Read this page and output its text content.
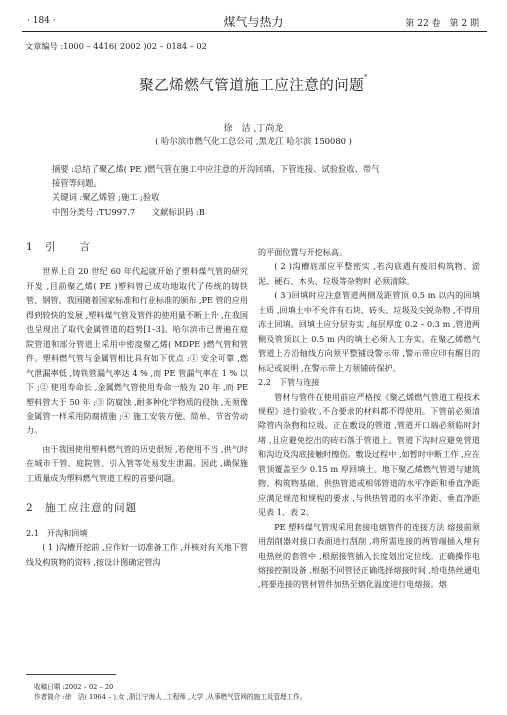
· 184 ·	煤气与热力	第 22 卷　第 2 期
文章编号 :1000 – 4416( 2002 )02 – 0184 – 02
聚乙烯燃气管道施工应注意的问题*
徐　洁 ,丁尚龙
( 哈尔滨市燃气化工总公司 ,黑龙江 哈尔滨 150080 )
摘要 :总结了聚乙烯( PE )燃气管在施工中应注意的开沟回填、下管连接、试验验收、带气
接管等问题。
关键词 :聚乙烯管 ;施工 ;验收
中图分类号 :TU997.7　　文献标识码 :B
1　引　　言

世界上自 20 世纪 60 年代起就开始了塑料煤气管的研究开发 ,目前聚乙烯( PE )塑料管已成功地取代了传统的铸铁管、钢管。我国随着国家标准和行业标准的颁布 ,PE 管的应用得到较快的发展 ,塑料煤气管及管件的使用量不断上升 ,在我国也呈现出了取代金属管道的趋势[1–3]。哈尔滨市已普遍在庭院管道和部分管道上采用中密度聚乙烯( MDPE )燃气管和管件。塑料燃气管与金属管相比具有如下优点 :① 安全可靠 ,燃气泄漏率低 ,铸铁管漏气率达 4 % ,而 PE 管漏气率在 1 % 以下 ;② 使用寿命长 ,金属燃气管使用寿命一般为 20 年 ,而 PE 塑料管大于 50 年 ;③ 防腐蚀 ,耐多种化学物质的侵蚀 ,无须像金属管一样采用防腐措施 ;④ 施工安装方便、简单、节省劳动力。

由于我国使用塑料燃气管的历史很短 ,若使用不当 ,供气时在城市干管、庭院管、引入管等处易发生泄漏。因此 ,确保施工质量成为塑料燃气管道工程的首要问题。

2　施工应注意的问题

2.1　开沟和回填

( 1 )沟槽开挖前 ,应作好一切准备工作 ,并核对有关地下管线及构筑物的资料 ,按设计图确定管沟

的平面位置与开挖标高。

( 2 )沟槽底部应平整密实 ,若沟底遇有废旧构筑物、淤泥、硬石、木头、垃圾等杂物时 必须清除。

( 3 )回填时应注意管道两侧及距管顶 0.5 m 以内的回填土质 ,回填土中不允许有石块、砖头、垃圾及尖锐杂物 ,不得用冻土回填。回填土应分层夯实 ,每层厚度 0.2 – 0.3 m ,管道两侧及管顶以上 0.5 m 内的填土必须人工夯实。在聚乙烯燃气管道上方沿轴线方向须平整铺设警示带 ,警示带应印有醒目的标记或说明 ,在警示带上方须铺砖保护。

2.2　下管与连接

管材与管件在使用前应严格按《聚乙烯燃气管道工程技术规程》进行验收 ,不合要求的材料都不得使用。下管前必须清除管内杂物和垃圾。正在敷设的管道 ,管道开口端必须临时封堵 ,且应避免挖出的砖石落于管道上。管道下沟时应避免管道和沟边及沟底接触时擦伤。敷设过程中 ,如暂时中断工作 ,应在管顶覆盖至少 0.15 m 厚回填土。地下聚乙烯燃气管道与建筑物、构筑物基础、供热管道或相邻管道的水平净距和垂直净距应满足规范和规程的要求 ,与供热管道的水平净距、垂直净距见表 1、表 2。

PE 塑料煤气管现采用套接电熔管件的连接方法 熔接前须用刮削器对接口表面进行刮削 ,将所需连接的两管端插入埋有电热丝的套管中 ,根据接管插入长度划出定位线。正确操作电熔接控制设备 ,根据不同管径正确选择熔接时间 ,给电热丝通电 ,将要连接的管材管件加热至熔化温度进行电熔接。熔

收稿日期 :2002 – 02 – 20
作者简介 :徐　洁( 1964 – ),女 ,浙江宁海人 ,工程师 ,大学 ,从事燃气管网的施工及管理工作。
